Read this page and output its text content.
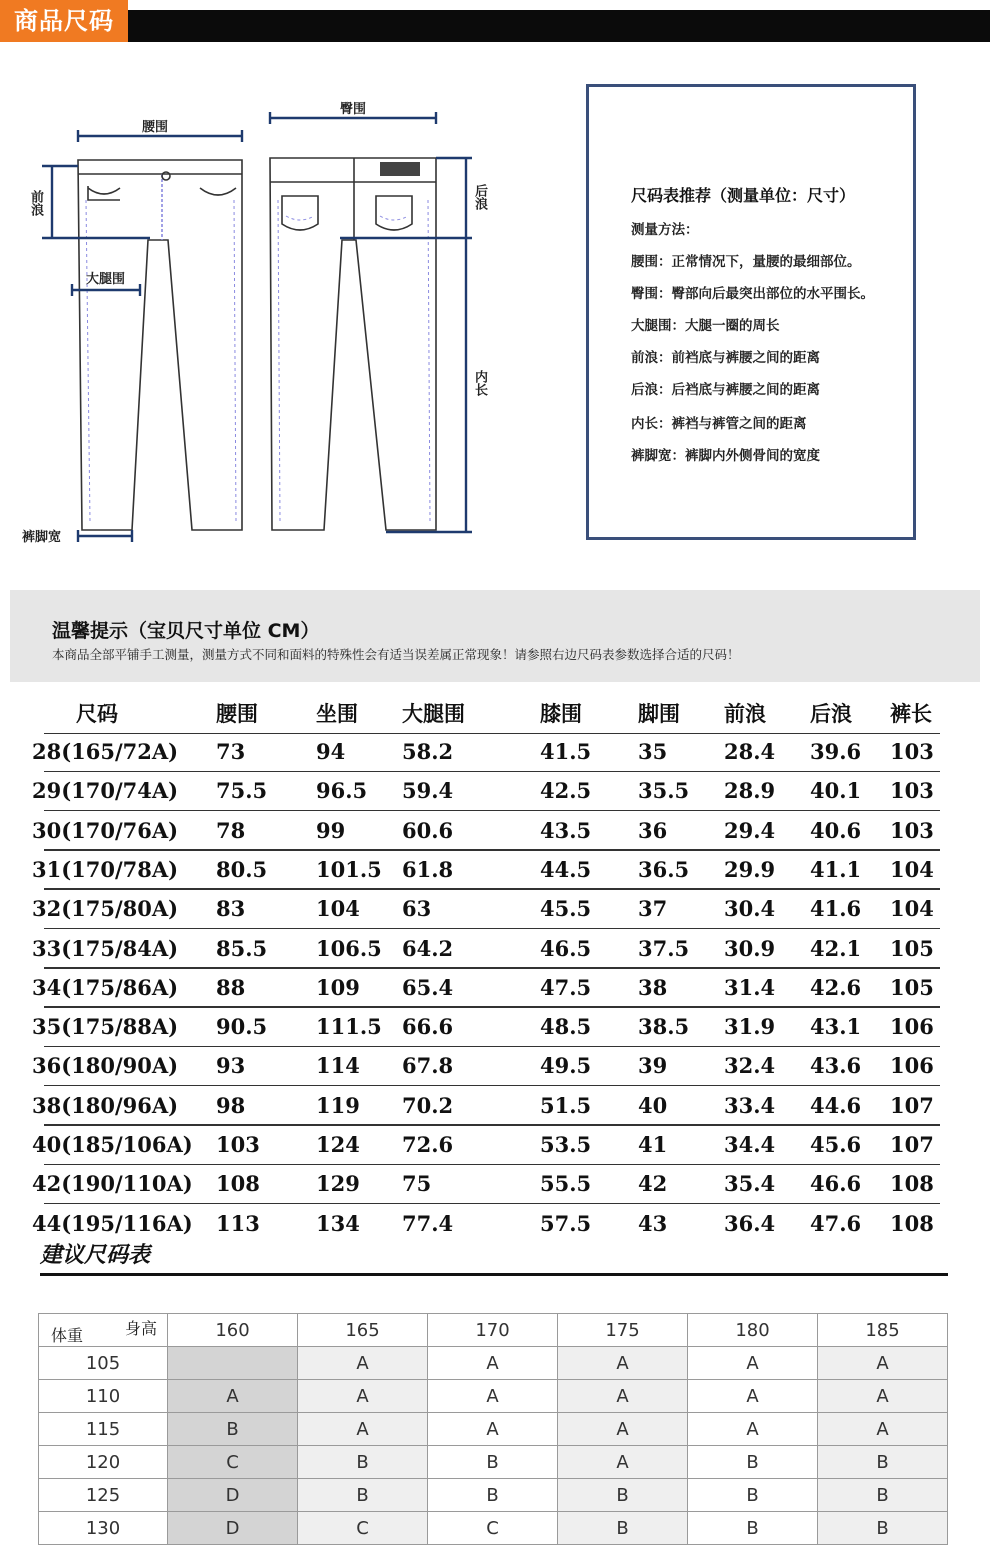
商品尺码
腰围
臀围
前浪	后浪
大腿围
内长
裤脚宽
尺码表推荐（测量单位：尺寸）
测量方法：
腰围：正常情况下，量腰的最细部位。
臀围：臀部向后最突出部位的水平围长。
大腿围：大腿一圈的周长
前浪：前裆底与裤腰之间的距离
后浪：后裆底与裤腰之间的距离
内长：裤裆与裤管之间的距离
裤脚宽：裤脚内外侧骨间的宽度
温馨提示（宝贝尺寸单位 CM）
本商品全部平铺手工测量，测量方式不同和面料的特殊性会有适当误差属正常现象！请参照右边尺码表参数选择合适的尺码！
尺码	腰围	坐围 大腿围	膝围	脚围 前浪 后浪 裤长
28(165/72A) 73	94	58.2	41.5 35	28.4 39.6 103
29(170/74A) 75.5 96.5 59.4	42.5 35.5 28.9 40.1 103
30(170/76A) 78	99	60.6	43.5 36	29.4 40.6 103
31(170/78A) 80.5 101.5 61.8	44.5 36.5 29.9 41.1 104
32(175/80A) 83	104 63	45.5 37	30.4 41.6 104
33(175/84A) 85.5 106.5 64.2	46.5 37.5 30.9 42.1 105
34(175/86A) 88	109 65.4	47.5 38	31.4 42.6 105
35(175/88A) 90.5 111.5 66.6	48.5 38.5 31.9 43.1 106
36(180/90A) 93	114 67.8	49.5 39	32.4 43.6 106
38(180/96A) 98	119 70.2	51.5 40	33.4 44.6 107
40(185/106A) 103	124 72.6	53.5 41	34.4 45.6 107
42(190/110A) 108	129 75	55.5 42	35.4 46.6 108
44(195/116A) 113	134 77.4	57.5 43	36.4 47.6 108
建议尺码表
身高
体重	160	165	170	175	180	185
105		A	A	A	A	A
110	A	A	A	A	A	A
115	B	A	A	A	A	A
120	C	B	B	A	B	B
125	D	B	B	B	B	B
130	D	C	C	B	B	B
